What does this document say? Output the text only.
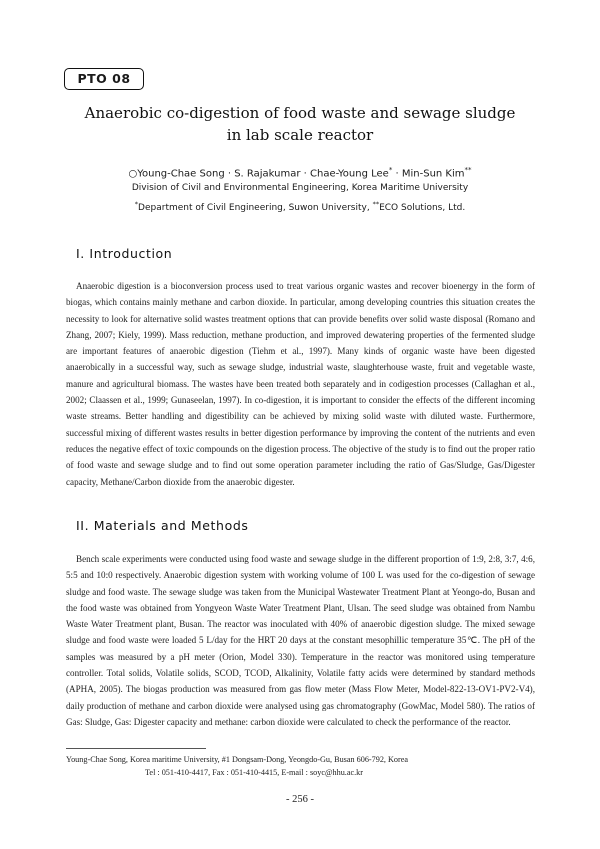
PTO 08
Anaerobic co-digestion of food waste and sewage sludge
in lab scale reactor
○Young-Chae Song · S. Rajakumar · Chae-Young Lee* · Min-Sun Kim**
Division of Civil and Environmental Engineering, Korea Maritime University
*Department of Civil Engineering, Suwon University, **ECO Solutions, Ltd.
I. Introduction

Anaerobic digestion is a bioconversion process used to treat various organic wastes and recover bioenergy in the form of biogas, which contains mainly methane and carbon dioxide. In particular, among developing countries this situation creates the necessity to look for alternative solid wastes treatment options that can provide benefits over solid waste disposal (Romano and Zhang, 2007; Kiely, 1999). Mass reduction, methane production, and improved dewatering properties of the fermented sludge are important features of anaerobic digestion (Tiehm et al., 1997). Many kinds of organic waste have been digested anaerobically in a successful way, such as sewage sludge, industrial waste, slaughterhouse waste, fruit and vegetable waste, manure and agricultural biomass. The wastes have been treated both separately and in codigestion processes (Callaghan et al., 2002; Claassen et al., 1999; Gunaseelan, 1997). In co-digestion, it is important to consider the effects of the different incoming waste streams. Better handling and digestibility can be achieved by mixing solid waste with diluted waste. Furthermore, successful mixing of different wastes results in better digestion performance by improving the content of the nutrients and even reduces the negative effect of toxic compounds on the digestion process. The objective of the study is to find out the proper ratio of food waste and sewage sludge and to find out some operation parameter including the ratio of Gas/Sludge, Gas/Digester capacity, Methane/Carbon dioxide from the anaerobic digester.

II. Materials and Methods

Bench scale experiments were conducted using food waste and sewage sludge in the different proportion of 1:9, 2:8, 3:7, 4:6, 5:5 and 10:0 respectively. Anaerobic digestion system with working volume of 100 L was used for the co-digestion of sewage sludge and food waste. The sewage sludge was taken from the Municipal Wastewater Treatment Plant at Yeongo-do, Busan and the food waste was obtained from Yongyeon Waste Water Treatment Plant, Ulsan. The seed sludge was obtained from Nambu Waste Water Treatment plant, Busan. The reactor was inoculated with 40% of anaerobic digestion sludge. The mixed sewage sludge and food waste were loaded 5 L/day for the HRT 20 days at the constant mesophillic temperature 35℃. The pH of the samples was measured by a pH meter (Orion, Model 330). Temperature in the reactor was monitored using temperature controller. Total solids, Volatile solids, SCOD, TCOD, Alkalinity, Volatile fatty acids were determined by standard methods (APHA, 2005). The biogas production was measured from gas flow meter (Mass Flow Meter, Model-822-13-OV1-PV2-V4), daily production of methane and carbon dioxide were analysed using gas chromatography (GowMac, Model 580). The ratios of Gas: Sludge, Gas: Digester capacity and methane: carbon dioxide were calculated to check the performance of the reactor.

Young-Chae Song, Korea maritime University, #1 Dongsam-Dong, Yeongdo-Gu, Busan 606-792, Korea
Tel : 051-410-4417, Fax : 051-410-4415, E-mail : soyc@hhu.ac.kr
- 256 -
